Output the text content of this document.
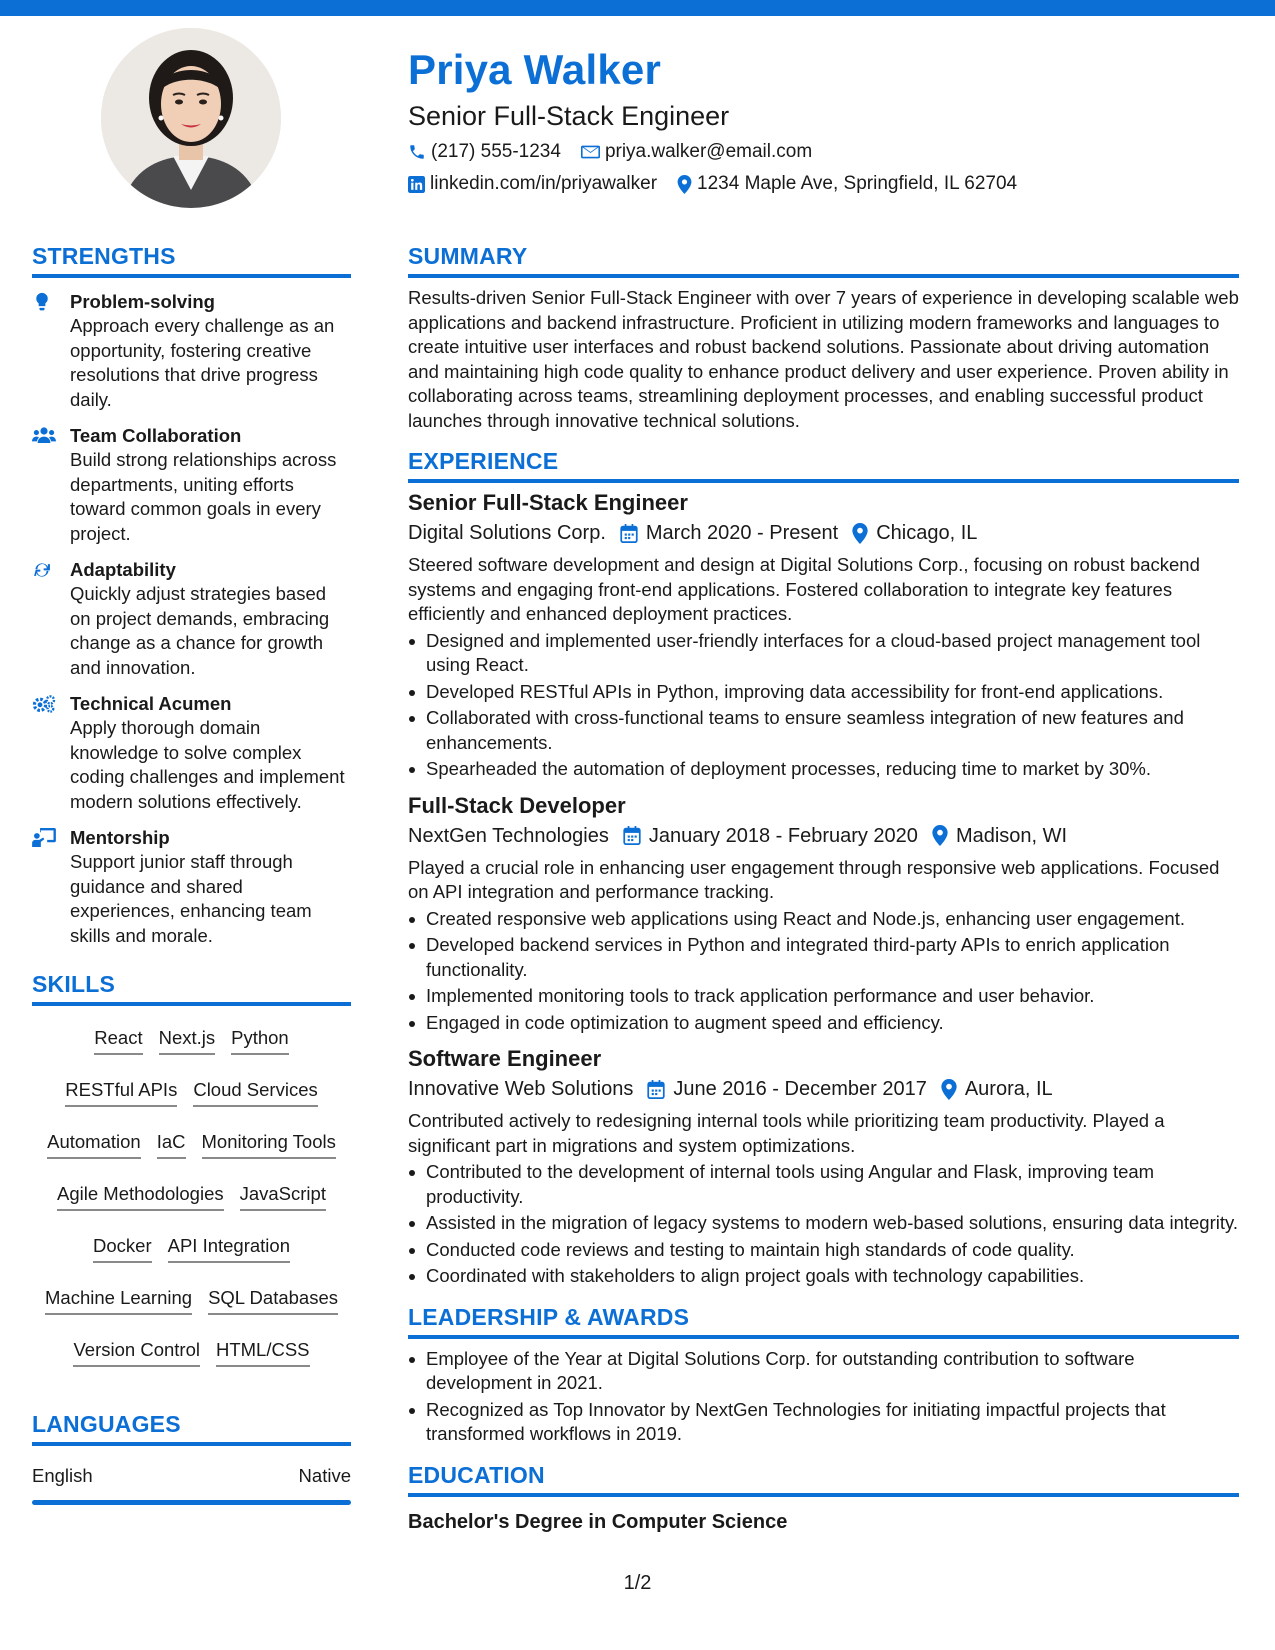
Priya Walker
Senior Full-Stack Engineer
(217) 555-1234 priya.walker@email.com
linkedin.com/in/priyawalker 1234 Maple Ave, Springfield, IL 62704
STRENGTHS
Problem-solving
Approach every challenge as an opportunity, fostering creative resolutions that drive progress daily.
Team Collaboration
Build strong relationships across departments, uniting efforts toward common goals in every project.
Adaptability
Quickly adjust strategies based on project demands, embracing change as a chance for growth and innovation.
Technical Acumen
Apply thorough domain knowledge to solve complex coding challenges and implement modern solutions effectively.
Mentorship
Support junior staff through guidance and shared experiences, enhancing team skills and morale.
SKILLS
React Next.js Python
RESTful APIs Cloud Services
Automation IaC Monitoring Tools
Agile Methodologies JavaScript
Docker API Integration
Machine Learning SQL Databases
Version Control HTML/CSS
LANGUAGES
English	Native
SUMMARY
Results-driven Senior Full-Stack Engineer with over 7 years of experience in developing scalable web applications and backend infrastructure. Proficient in utilizing modern frameworks and languages to create intuitive user interfaces and robust backend solutions. Passionate about driving automation and maintaining high code quality to enhance product delivery and user experience. Proven ability in collaborating across teams, streamlining deployment processes, and enabling successful product launches through innovative technical solutions.
EXPERIENCE
Senior Full-Stack Engineer
Digital Solutions Corp. March 2020 - Present Chicago, IL
Steered software development and design at Digital Solutions Corp., focusing on robust backend systems and engaging front-end applications. Fostered collaboration to integrate key features efficiently and enhanced deployment practices.
Designed and implemented user-friendly interfaces for a cloud-based project management tool using React.
Developed RESTful APIs in Python, improving data accessibility for front-end applications.
Collaborated with cross-functional teams to ensure seamless integration of new features and enhancements.
Spearheaded the automation of deployment processes, reducing time to market by 30%.
Full-Stack Developer
NextGen Technologies January 2018 - February 2020 Madison, WI
Played a crucial role in enhancing user engagement through responsive web applications. Focused on API integration and performance tracking.
Created responsive web applications using React and Node.js, enhancing user engagement.
Developed backend services in Python and integrated third-party APIs to enrich application functionality.
Implemented monitoring tools to track application performance and user behavior.
Engaged in code optimization to augment speed and efficiency.
Software Engineer
Innovative Web Solutions June 2016 - December 2017 Aurora, IL
Contributed actively to redesigning internal tools while prioritizing team productivity. Played a significant part in migrations and system optimizations.
Contributed to the development of internal tools using Angular and Flask, improving team productivity.
Assisted in the migration of legacy systems to modern web-based solutions, ensuring data integrity.
Conducted code reviews and testing to maintain high standards of code quality.
Coordinated with stakeholders to align project goals with technology capabilities.
LEADERSHIP & AWARDS
Employee of the Year at Digital Solutions Corp. for outstanding contribution to software development in 2021.
Recognized as Top Innovator by NextGen Technologies for initiating impactful projects that transformed workflows in 2019.
EDUCATION
Bachelor's Degree in Computer Science
1/2
